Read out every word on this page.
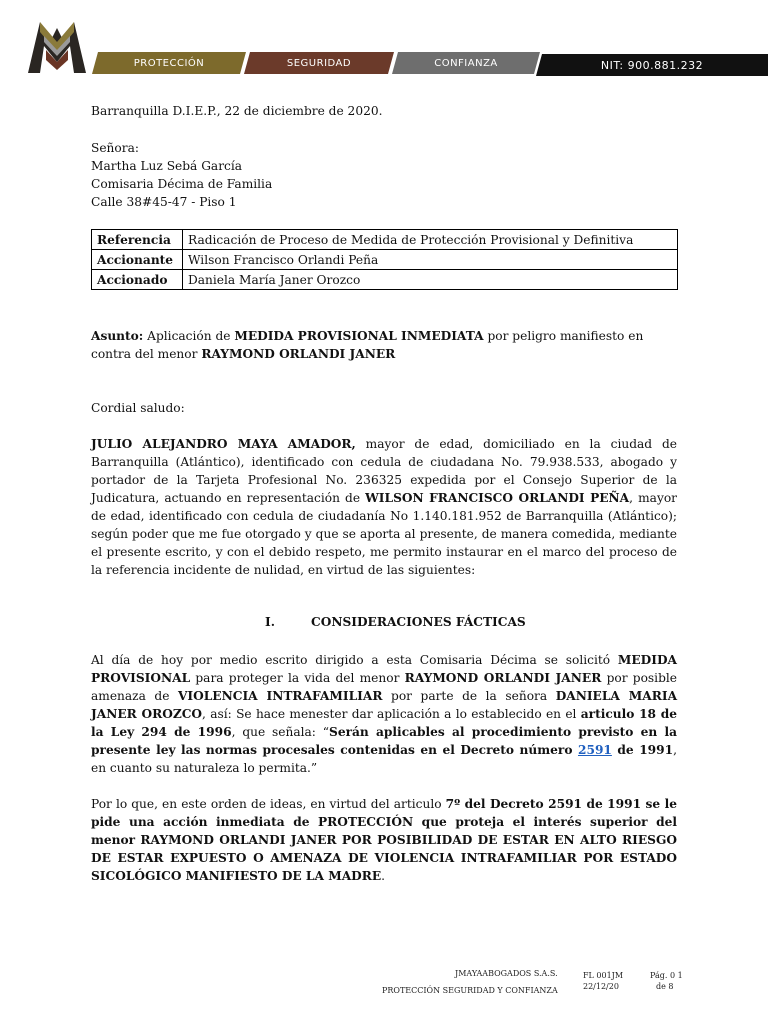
PROTECCIÓN	SEGURIDAD	CONFIANZA	NIT: 900.881.232
Barranquilla D.I.E.P., 22 de diciembre de 2020.
Señora:
Martha Luz Sebá García
Comisaria Décima de Familia
Calle 38#45-47 - Piso 1
Referencia	Radicación de Proceso de Medida de Protección Provisional y Definitiva
Accionante	Wilson Francisco Orlandi Peña
Accionado	Daniela María Janer Orozco
Asunto: Aplicación de MEDIDA PROVISIONAL INMEDIATA por peligro manifiesto en contra del menor RAYMOND ORLANDI JANER
Cordial saludo:
JULIO ALEJANDRO MAYA AMADOR, mayor de edad, domiciliado en la ciudad de Barranquilla (Atlántico), identificado con cedula de ciudadana No. 79.938.533, abogado y portador de la Tarjeta Profesional No. 236325 expedida por el Consejo Superior de la Judicatura, actuando en representación de WILSON FRANCISCO ORLANDI PEÑA, mayor de edad, identificado con cedula de ciudadanía No 1.140.181.952 de Barranquilla (Atlántico); según poder que me fue otorgado y que se aporta al presente, de manera comedida, mediante el presente escrito, y con el debido respeto, me permito instaurar en el marco del proceso de la referencia incidente de nulidad, en virtud de las siguientes:
I.	CONSIDERACIONES FÁCTICAS
Al día de hoy por medio escrito dirigido a esta Comisaria Décima se solicitó MEDIDA PROVISIONAL para proteger la vida del menor RAYMOND ORLANDI JANER por posible amenaza de VIOLENCIA INTRAFAMILIAR por parte de la señora DANIELA MARIA JANER OROZCO, así: Se hace menester dar aplicación a lo establecido en el articulo 18 de la Ley 294 de 1996, que señala: “Serán aplicables al procedimiento previsto en la presente ley las normas procesales contenidas en el Decreto número 2591 de 1991, en cuanto su naturaleza lo permita.”
Por lo que, en este orden de ideas, en virtud del articulo 7º del Decreto 2591 de 1991 se le pide una acción inmediata de PROTECCIÓN que proteja el interés superior del menor RAYMOND ORLANDI JANER POR POSIBILIDAD DE ESTAR EN ALTO RIESGO DE ESTAR EXPUESTO O AMENAZA DE VIOLENCIA INTRAFAMILIAR POR ESTADO SICOLÓGICO MANIFIESTO DE LA MADRE.
JMAYAABOGADOS S.A.S.
PROTECCIÓN SEGURIDAD Y CONFIANZA
FL 001JM
22/12/20
Pág. 0 1
de 8
